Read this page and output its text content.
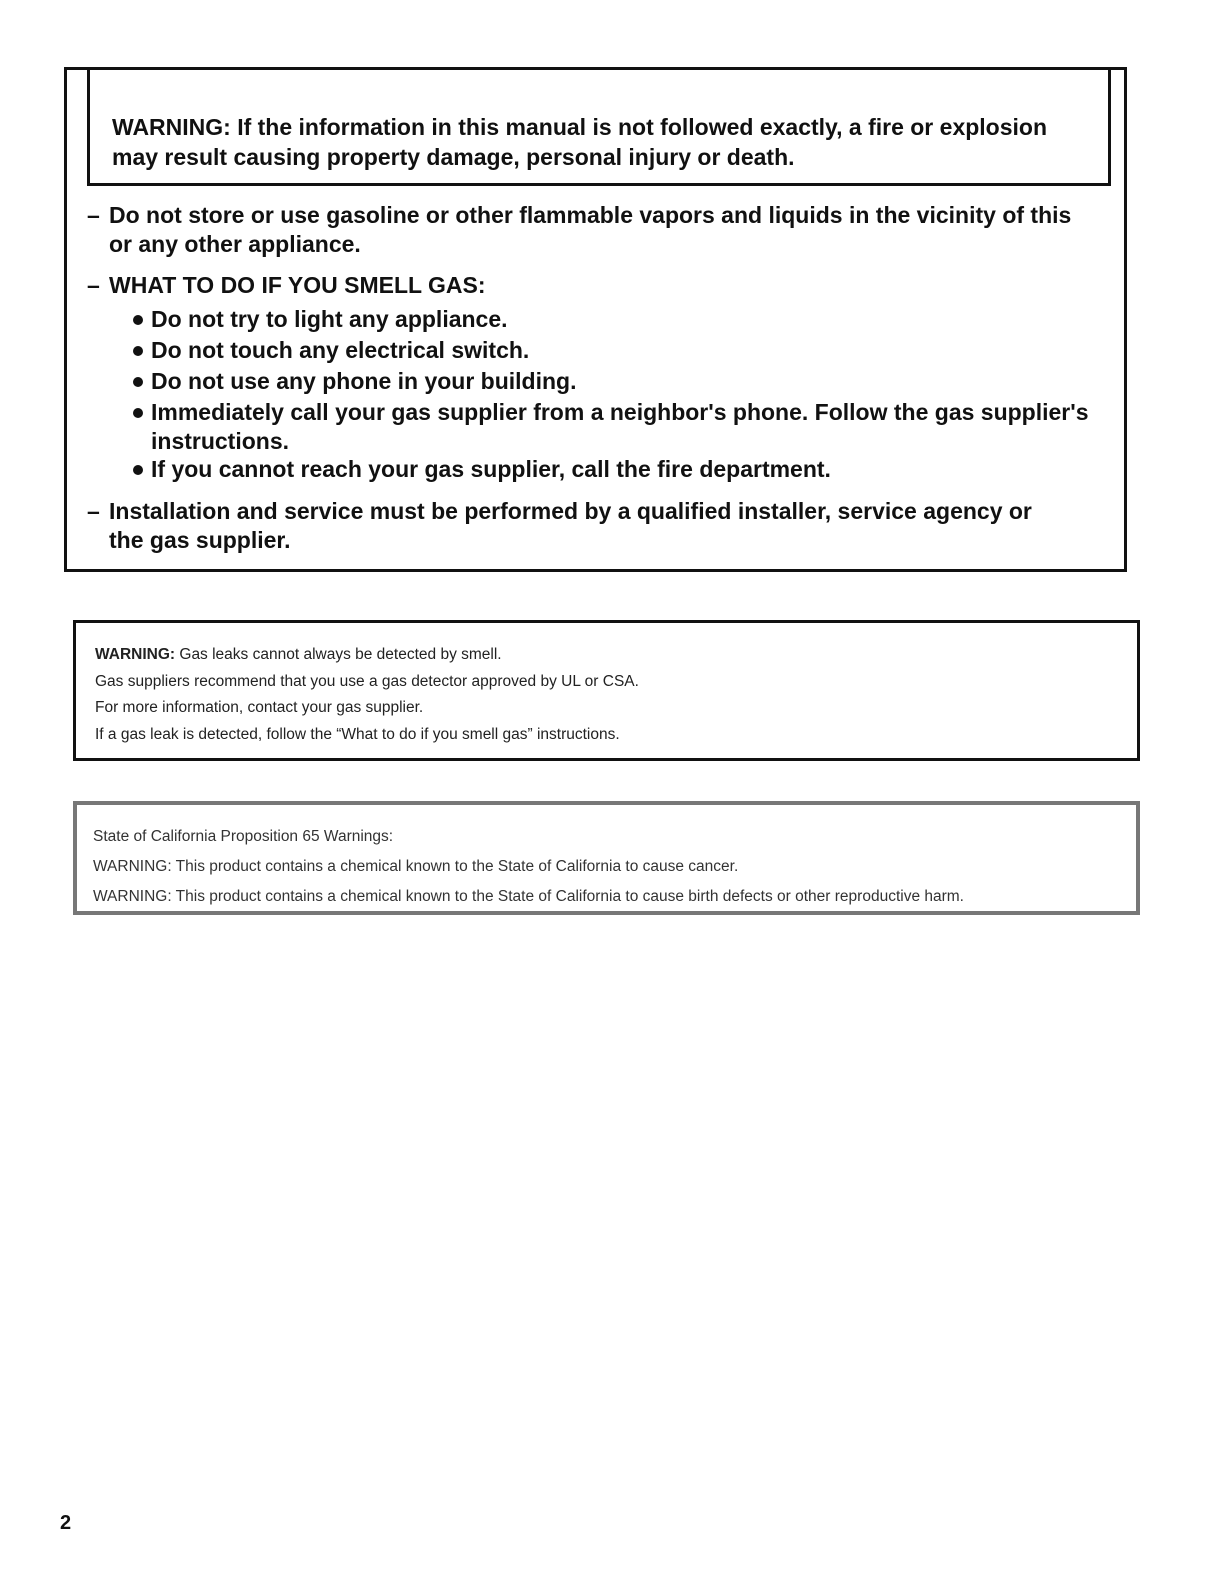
WARNING: If the information in this manual is not followed exactly, a fire or explosion
may result causing property damage, personal injury or death.
– Do not store or use gasoline or other flammable vapors and liquids in the vicinity of this
or any other appliance.
– WHAT TO DO IF YOU SMELL GAS:
Do not try to light any appliance.
Do not touch any electrical switch.
Do not use any phone in your building.
Immediately call your gas supplier from a neighbor's phone. Follow the gas supplier's
instructions.
If you cannot reach your gas supplier, call the fire department.
– Installation and service must be performed by a qualified installer, service agency or
the gas supplier.
WARNING: Gas leaks cannot always be detected by smell.
Gas suppliers recommend that you use a gas detector approved by UL or CSA.
For more information, contact your gas supplier.
If a gas leak is detected, follow the “What to do if you smell gas” instructions.
State of California Proposition 65 Warnings:
WARNING: This product contains a chemical known to the State of California to cause cancer.
WARNING: This product contains a chemical known to the State of California to cause birth defects or other reproductive harm.
2
